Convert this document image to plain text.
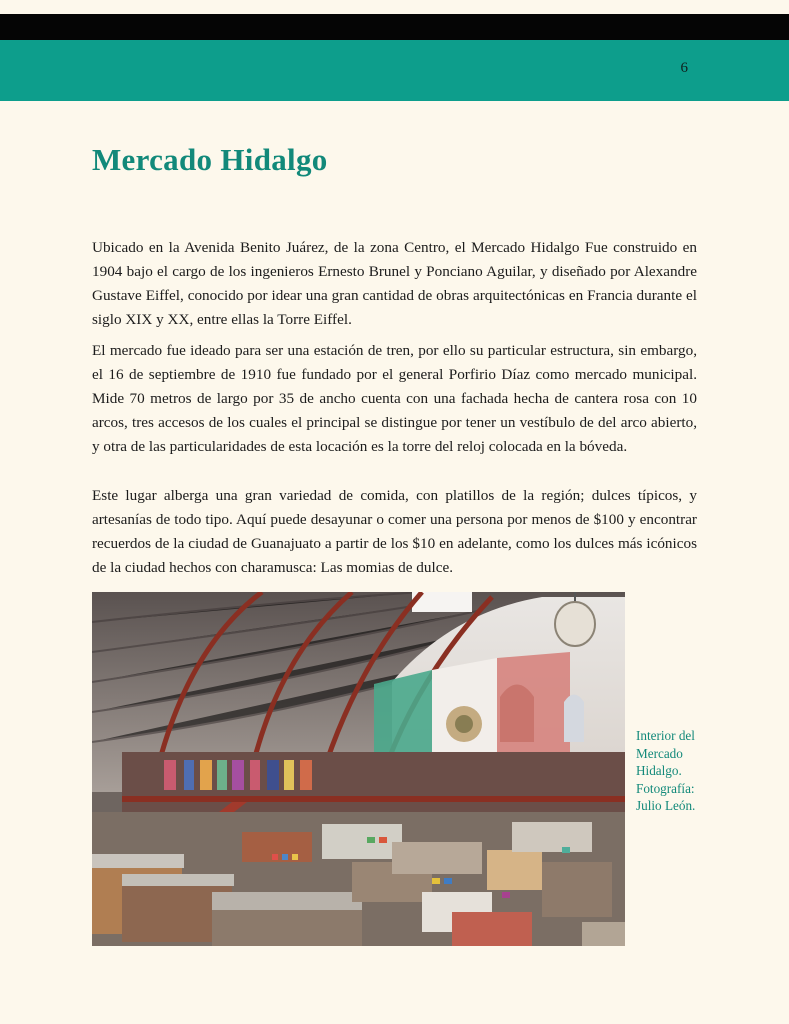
6
Mercado Hidalgo

Ubicado en la Avenida Benito Juárez, de la zona Centro, el Mercado Hidalgo Fue construido en 1904 bajo el cargo de los ingenieros Ernesto Brunel y Ponciano Aguilar, y diseñado por Alexandre Gustave Eiffel, conocido por idear una gran cantidad de obras arquitectónicas en Francia durante el siglo XIX y XX, entre ellas la Torre Eiffel.

El mercado fue ideado para ser una estación de tren, por ello su particular estructura, sin embargo, el 16 de septiembre de 1910 fue fundado por el general Porfirio Díaz como mercado municipal. Mide 70 metros de largo por 35 de ancho cuenta con una fachada hecha de cantera rosa con 10 arcos, tres accesos de los cuales el principal se distingue por tener un vestíbulo de del arco abierto, y otra de las particularidades de esta locación es la torre del reloj colocada en la bóveda.

Este lugar alberga una gran variedad de comida, con platillos de la región; dulces típicos, y artesanías de todo tipo. Aquí puede desayunar o comer una persona por menos de $100 y encontrar recuerdos de la ciudad de Guanajuato a partir de los $10 en adelante, como los dulces más icónicos de la ciudad hechos con charamusca: Las momias de dulce.

Interior del Mercado Hidalgo. Fotografía: Julio León.
